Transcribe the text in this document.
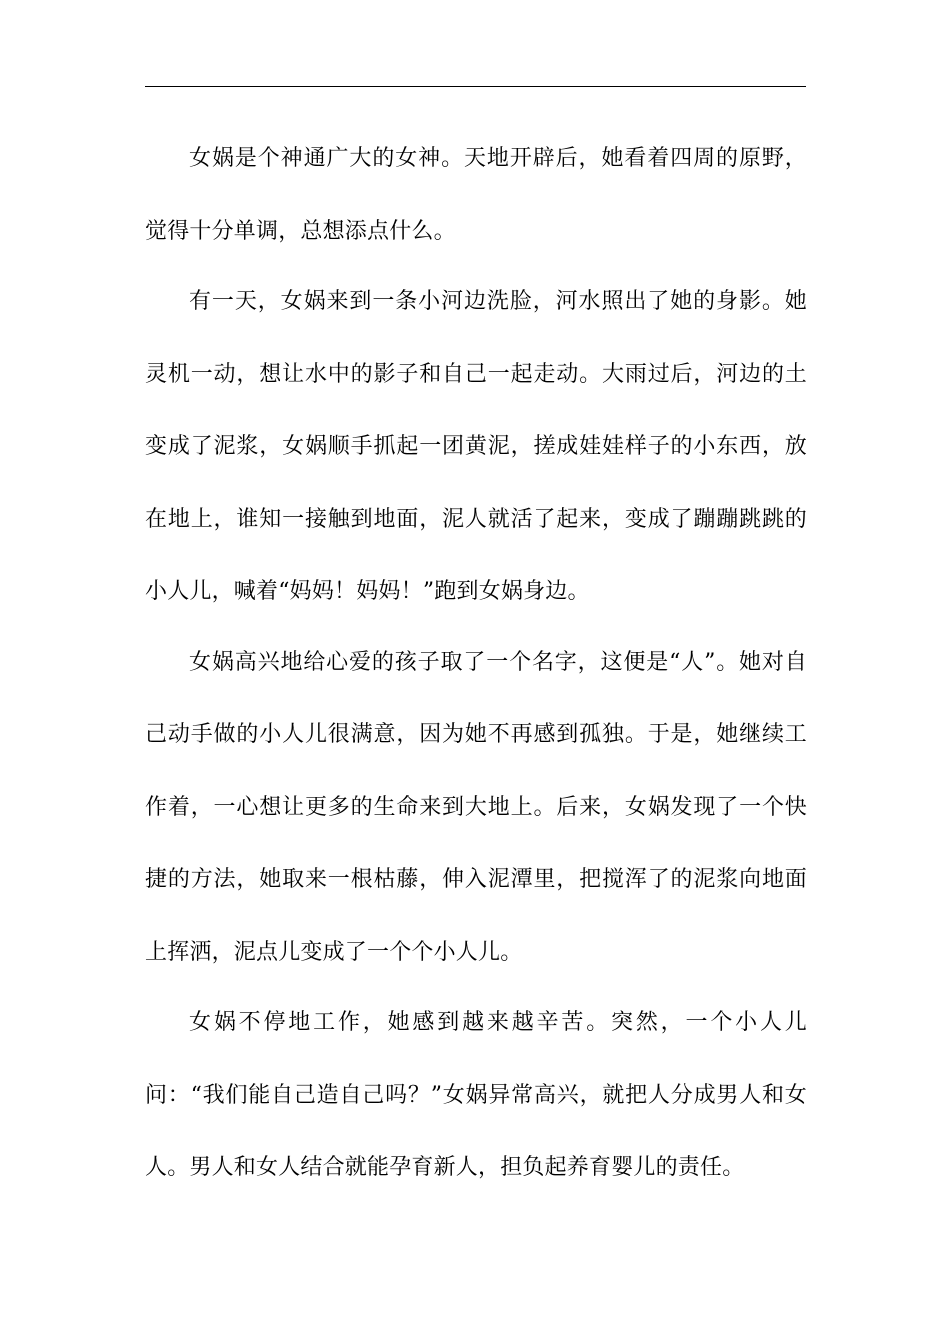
女娲是个神通广大的女神。天地开辟后，她看着四周的原野，觉得十分单调，总想添点什么。

有一天，女娲来到一条小河边洗脸，河水照出了她的身影。她灵机一动，想让水中的影子和自己一起走动。大雨过后，河边的土变成了泥浆，女娲顺手抓起一团黄泥，搓成娃娃样子的小东西，放在地上，谁知一接触到地面，泥人就活了起来，变成了蹦蹦跳跳的小人儿，喊着“妈妈！妈妈！”跑到女娲身边。

女娲高兴地给心爱的孩子取了一个名字，这便是“人”。她对自己动手做的小人儿很满意，因为她不再感到孤独。于是，她继续工作着，一心想让更多的生命来到大地上。后来，女娲发现了一个快捷的方法，她取来一根枯藤，伸入泥潭里，把搅浑了的泥浆向地面上挥洒，泥点儿变成了一个个小人儿。

女娲不停地工作，她感到越来越辛苦。突然，一个小人儿问：“我们能自己造自己吗？”女娲异常高兴，就把人分成男人和女人。男人和女人结合就能孕育新人，担负起养育婴儿的责任。
